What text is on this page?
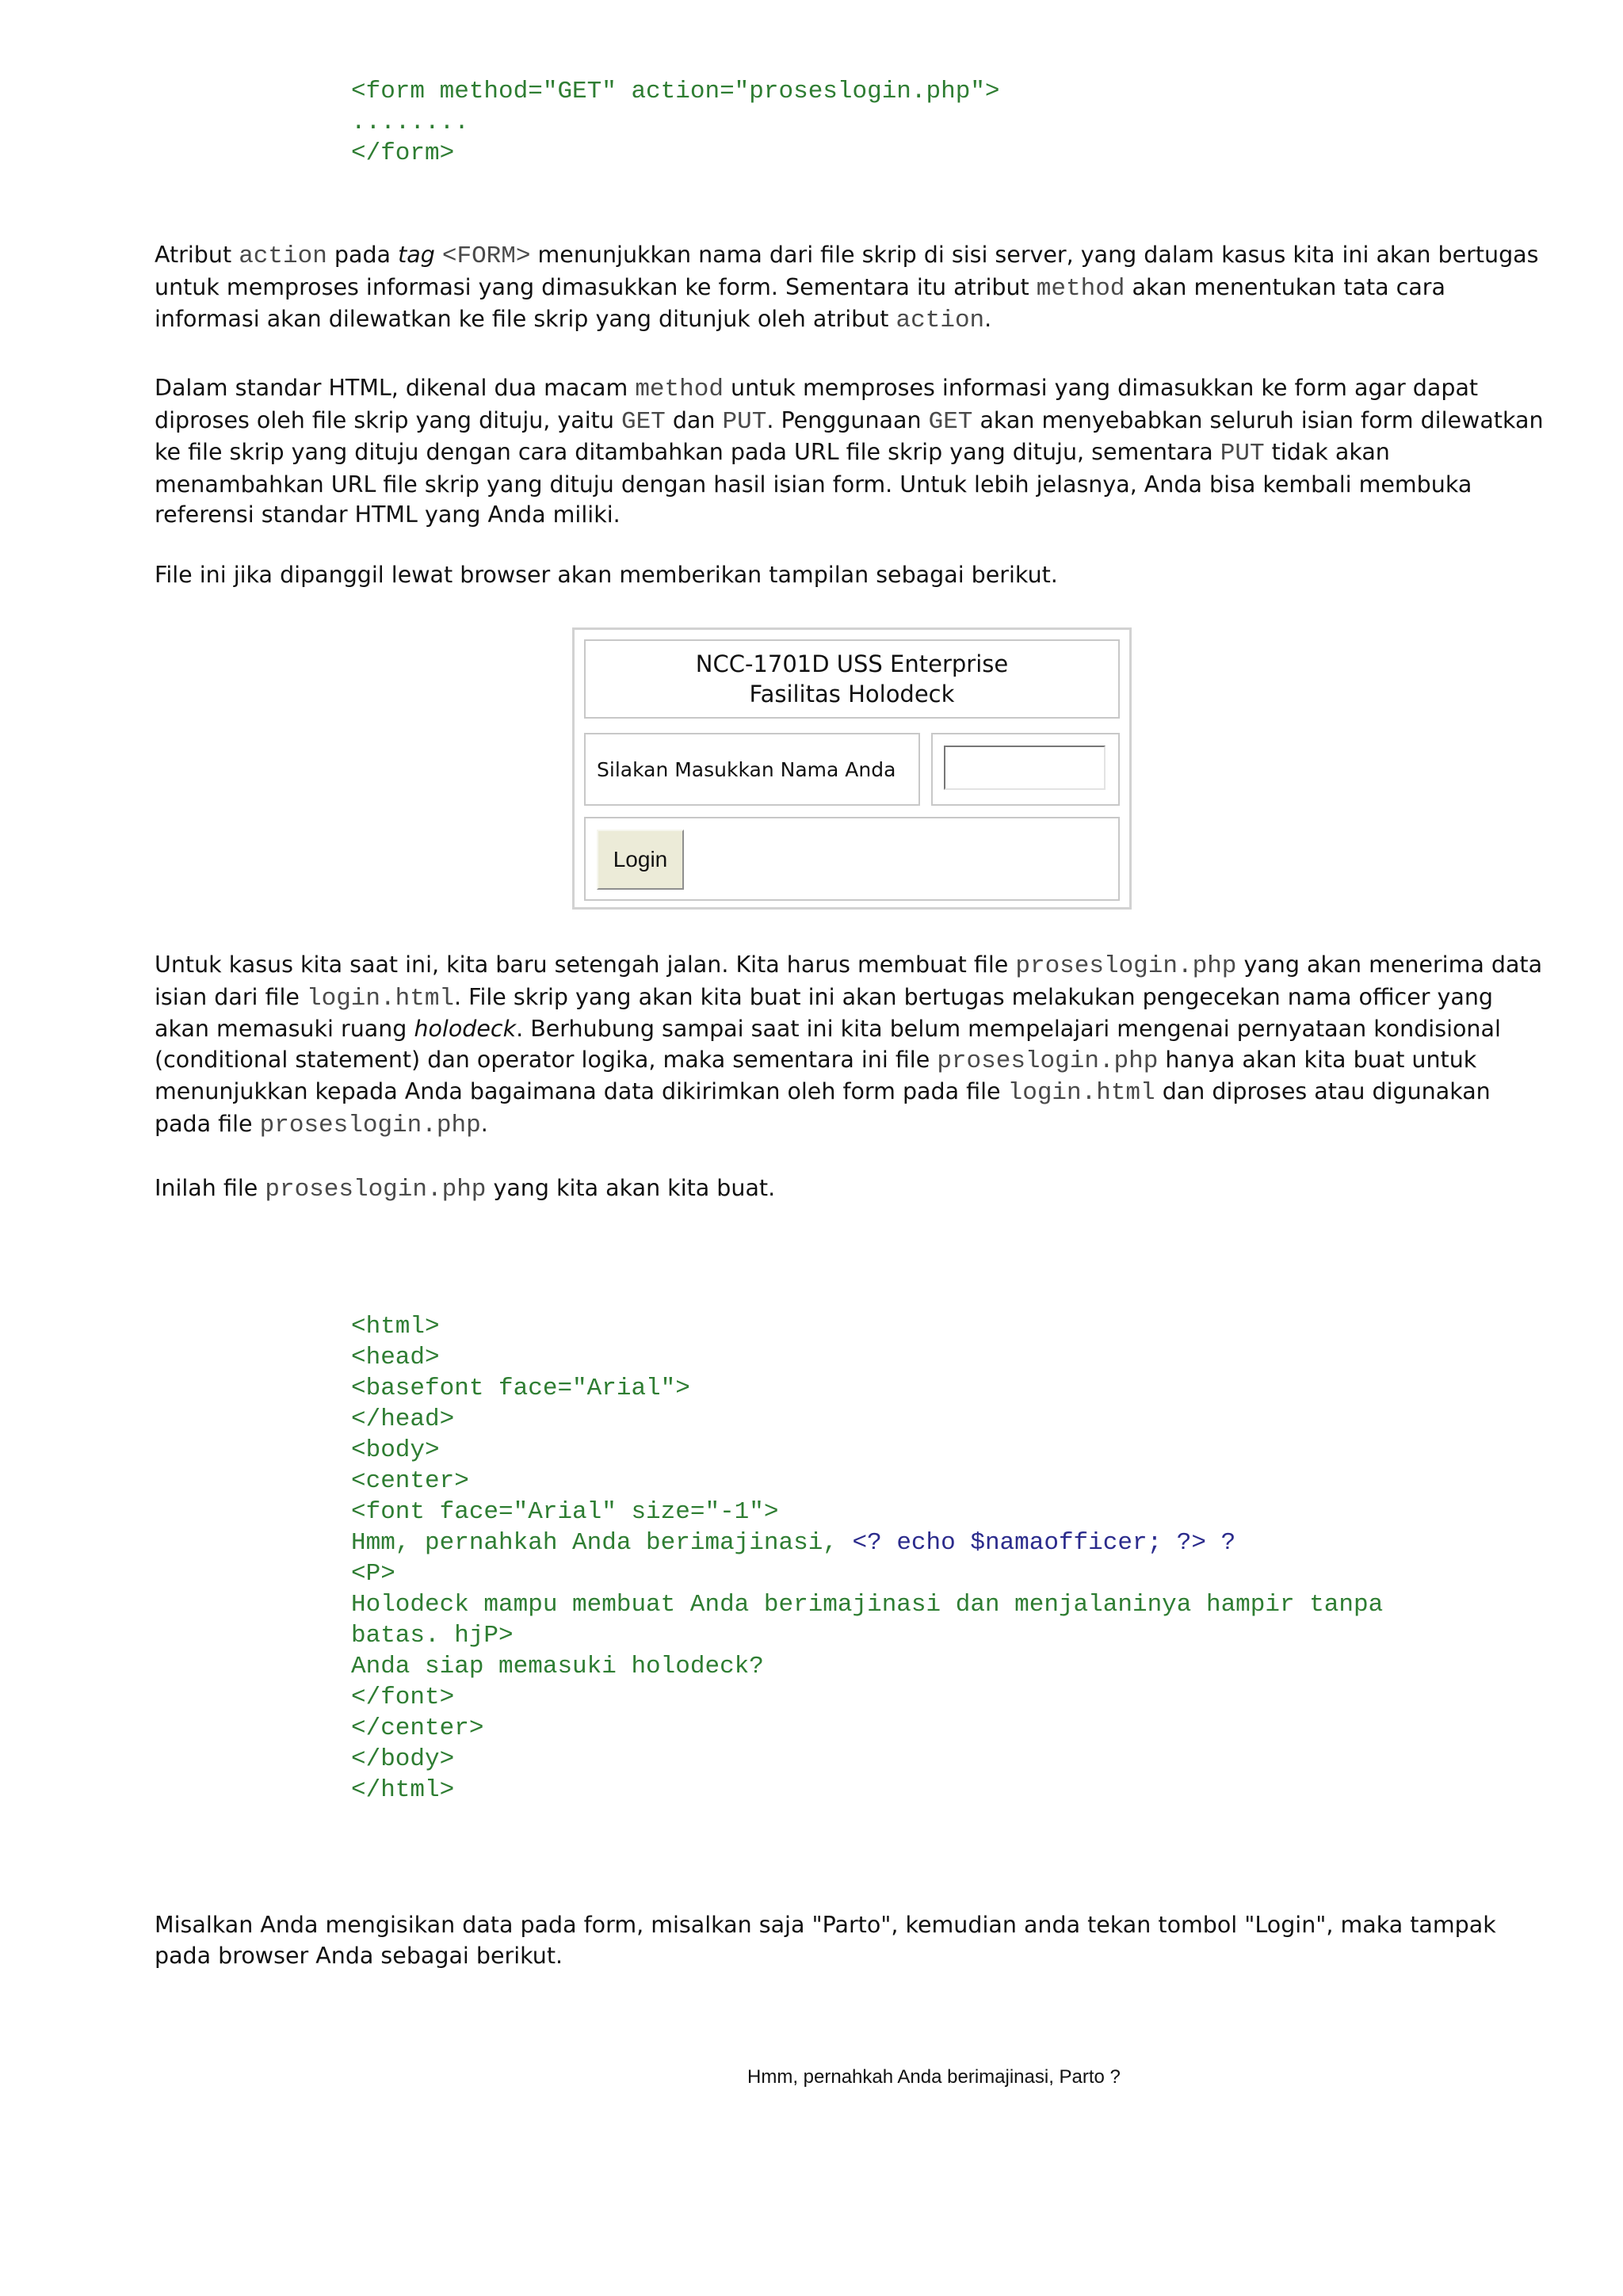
<form method="GET" action="proseslogin.php">
........
</form>

Atribut action pada tag <FORM> menunjukkan nama dari file skrip di sisi server, yang dalam kasus kita ini akan bertugas untuk memproses informasi yang dimasukkan ke form. Sementara itu atribut method akan menentukan tata cara informasi akan dilewatkan ke file skrip yang ditunjuk oleh atribut action.

Dalam standar HTML, dikenal dua macam method untuk memproses informasi yang dimasukkan ke form agar dapat diproses oleh file skrip yang dituju, yaitu GET dan PUT. Penggunaan GET akan menyebabkan seluruh isian form dilewatkan ke file skrip yang dituju dengan cara ditambahkan pada URL file skrip yang dituju, sementara PUT tidak akan menambahkan URL file skrip yang dituju dengan hasil isian form. Untuk lebih jelasnya, Anda bisa kembali membuka referensi standar HTML yang Anda miliki.

File ini jika dipanggil lewat browser akan memberikan tampilan sebagai berikut.

NCC-1701D USS Enterprise
Fasilitas Holodeck
Silakan Masukkan Nama Anda
Login

Untuk kasus kita saat ini, kita baru setengah jalan. Kita harus membuat file proseslogin.php yang akan menerima data isian dari file login.html. File skrip yang akan kita buat ini akan bertugas melakukan pengecekan nama officer yang akan memasuki ruang holodeck. Berhubung sampai saat ini kita belum mempelajari mengenai pernyataan kondisional (conditional statement) dan operator logika, maka sementara ini file proseslogin.php hanya akan kita buat untuk menunjukkan kepada Anda bagaimana data dikirimkan oleh form pada file login.html dan diproses atau digunakan pada file proseslogin.php.

Inilah file proseslogin.php yang kita akan kita buat.

<html>
<head>
<basefont face="Arial">
</head>
<body>
<center>
<font face="Arial" size="-1">
Hmm, pernahkah Anda berimajinasi, <? echo $namaofficer; ?> ?
<P>
Holodeck mampu membuat Anda berimajinasi dan menjalaninya hampir tanpa
batas. hjP>
Anda siap memasuki holodeck?
</font>
</center>
</body>
</html>

Misalkan Anda mengisikan data pada form, misalkan saja "Parto", kemudian anda tekan tombol "Login", maka tampak pada browser Anda sebagai berikut.

Hmm, pernahkah Anda berimajinasi, Parto ?
